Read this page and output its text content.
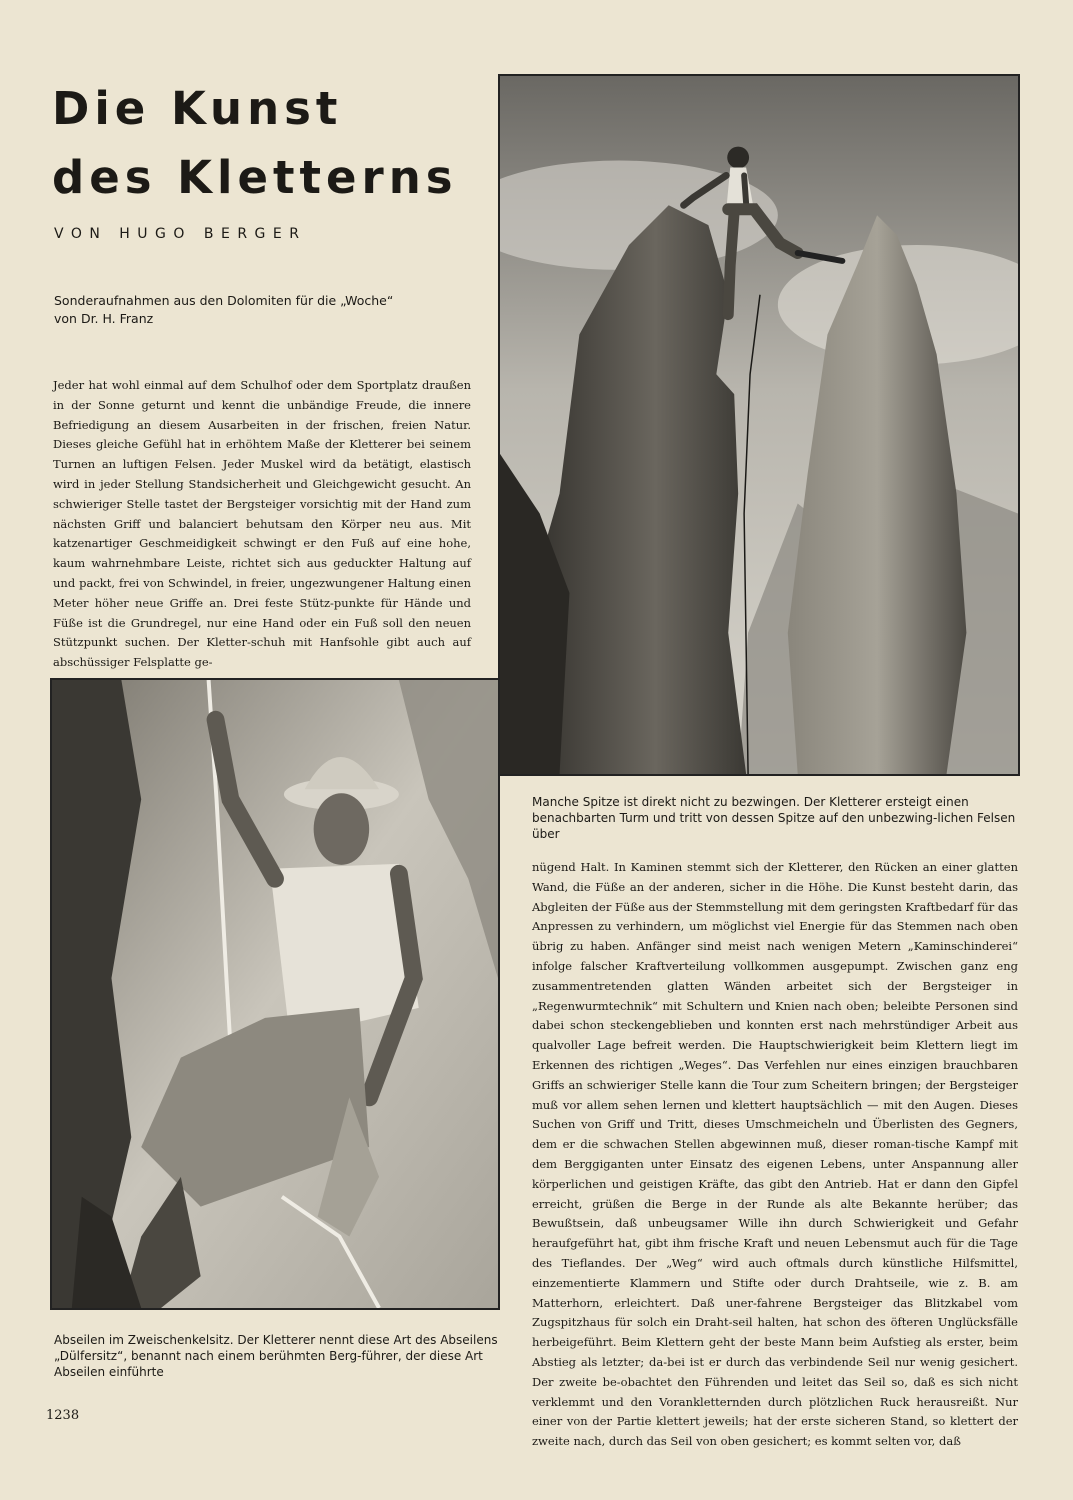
Die Kunst
des Kletterns
VON HUGO BERGER
Sonderaufnahmen aus den Dolomiten für die „Woche“
von Dr. H. Franz

Jeder hat wohl einmal auf dem Schulhof oder dem Sportplatz draußen in der Sonne geturnt und kennt die unbändige Freude, die innere Befriedigung an diesem Ausarbeiten in der frischen, freien Natur. Dieses gleiche Gefühl hat in erhöhtem Maße der Kletterer bei seinem Turnen an luftigen Felsen. Jeder Muskel wird da betätigt, elastisch wird in jeder Stellung Standsicherheit und Gleichgewicht gesucht. An schwieriger Stelle tastet der Bergsteiger vorsichtig mit der Hand zum nächsten Griff und balanciert behutsam den Körper neu aus. Mit katzenartiger Geschmeidigkeit schwingt er den Fuß auf eine hohe, kaum wahrnehmbare Leiste, richtet sich aus geduckter Haltung auf und packt, frei von Schwindel, in freier, ungezwungener Haltung einen Meter höher neue Griffe an. Drei feste Stütz-punkte für Hände und Füße ist die Grundregel, nur eine Hand oder ein Fuß soll den neuen Stützpunkt suchen. Der Kletter-schuh mit Hanfsohle gibt auch auf abschüssiger Felsplatte ge-

Manche Spitze ist direkt nicht zu bezwingen. Der Kletterer ersteigt einen benachbarten Turm und tritt von dessen Spitze auf den unbezwing-lichen Felsen über

nügend Halt. In Kaminen stemmt sich der Kletterer, den Rücken an einer glatten Wand, die Füße an der anderen, sicher in die Höhe. Die Kunst besteht darin, das Abgleiten der Füße aus der Stemmstellung mit dem geringsten Kraftbedarf für das Anpressen zu verhindern, um möglichst viel Energie für das Stemmen nach oben übrig zu haben. Anfänger sind meist nach wenigen Metern „Kaminschinderei“ infolge falscher Kraftverteilung vollkommen ausgepumpt. Zwischen ganz eng zusammentretenden glatten Wänden arbeitet sich der Bergsteiger in „Regenwurmtechnik“ mit Schultern und Knien nach oben; beleibte Personen sind dabei schon steckengeblieben und konnten erst nach mehrstündiger Arbeit aus qualvoller Lage befreit werden. Die Hauptschwierigkeit beim Klettern liegt im Erkennen des richtigen „Weges“. Das Verfehlen nur eines einzigen brauchbaren Griffs an schwieriger Stelle kann die Tour zum Scheitern bringen; der Bergsteiger muß vor allem sehen lernen und klettert hauptsächlich — mit den Augen. Dieses Suchen von Griff und Tritt, dieses Umschmeicheln und Überlisten des Gegners, dem er die schwachen Stellen abgewinnen muß, dieser roman-tische Kampf mit dem Berggiganten unter Einsatz des eigenen Lebens, unter Anspannung aller körperlichen und geistigen Kräfte, das gibt den Antrieb. Hat er dann den Gipfel erreicht, grüßen die Berge in der Runde als alte Bekannte herüber; das Bewußtsein, daß unbeugsamer Wille ihn durch Schwierigkeit und Gefahr heraufgeführt hat, gibt ihm frische Kraft und neuen Lebensmut auch für die Tage des Tieflandes. Der „Weg“ wird auch oftmals durch künstliche Hilfsmittel, einzementierte Klammern und Stifte oder durch Drahtseile, wie z. B. am Matterhorn, erleichtert. Daß uner-fahrene Bergsteiger das Blitzkabel vom Zugspitzhaus für solch ein Draht-seil halten, hat schon des öfteren Unglücksfälle herbeigeführt. Beim Klettern geht der beste Mann beim Aufstieg als erster, beim Abstieg als letzter; da-bei ist er durch das verbindende Seil nur wenig gesichert. Der zweite be-obachtet den Führenden und leitet das Seil so, daß es sich nicht verklemmt und den Vorankletternden durch plötzlichen Ruck herausreißt. Nur einer von der Partie klettert jeweils; hat der erste sicheren Stand, so klettert der zweite nach, durch das Seil von oben gesichert; es kommt selten vor, daß

Abseilen im Zweischenkelsitz. Der Kletterer nennt diese Art des Abseilens „Dülfersitz“, benannt nach einem berühmten Berg-führer, der diese Art Abseilen einführte

1238
